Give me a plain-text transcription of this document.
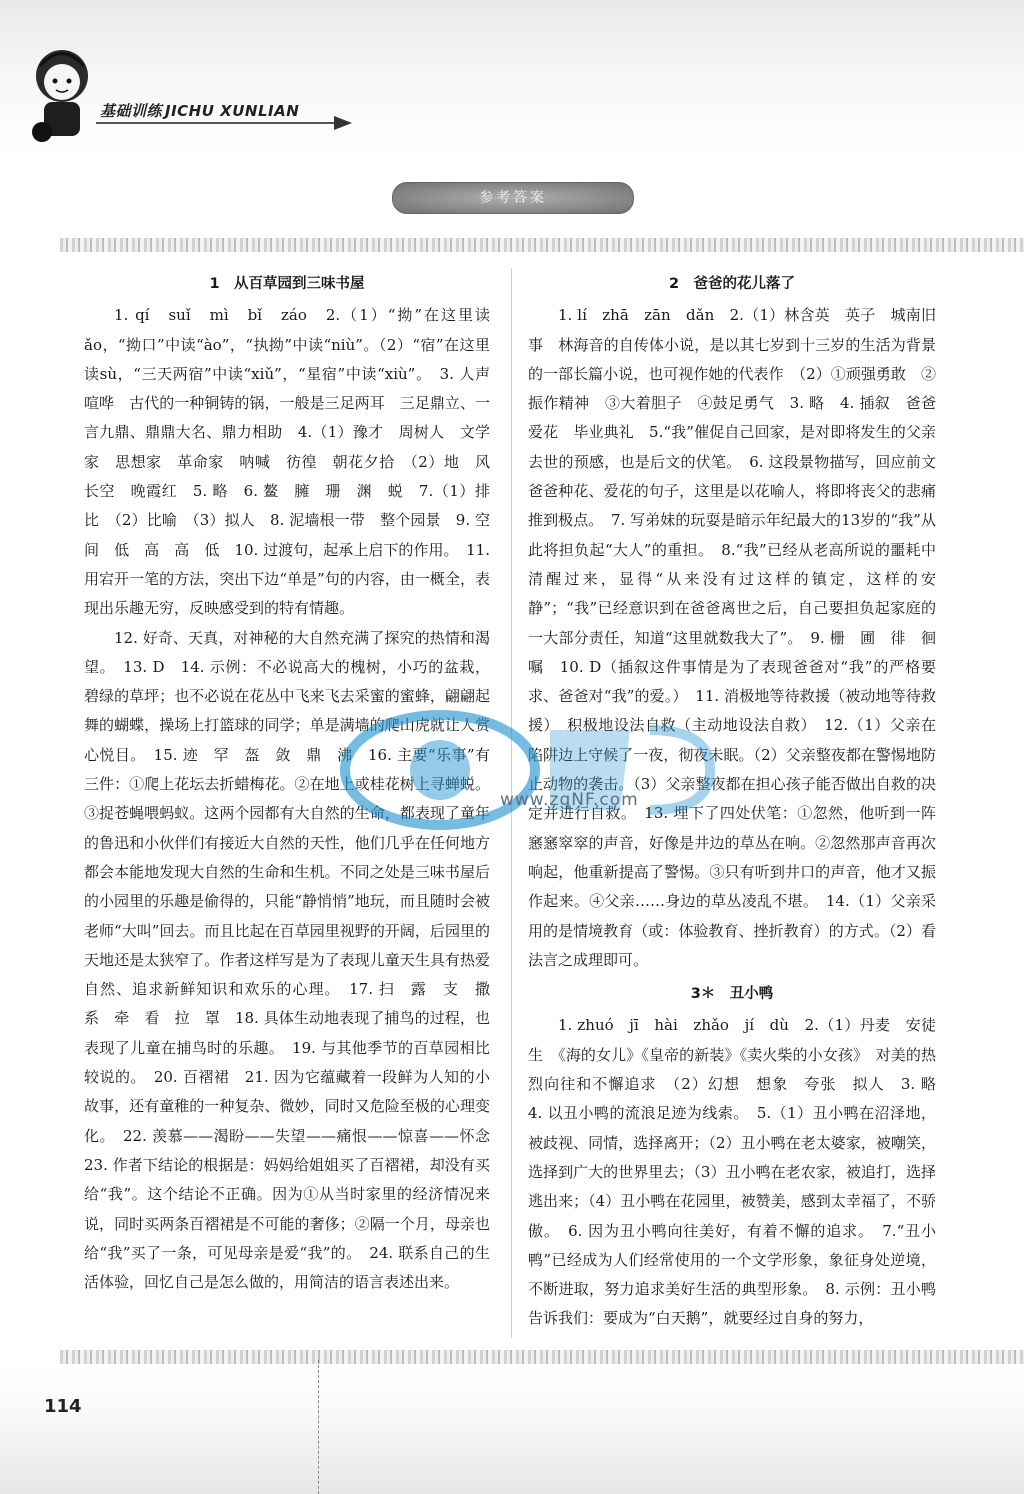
基础训练 JICHU XUNLIAN
参考答案
1　从百草园到三味书屋

1. qí　suǐ　mì　bǐ　záo　2.（1）“拗”在这里读ǎo，“拗口”中读“ào”，“执拗”中读“niù”。（2）“宿”在这里读sù，“三天两宿”中读“xiǔ”，“星宿”中读“xiù”。　3. 人声喧哗　古代的一种铜铸的锅，一般是三足两耳　三足鼎立、一言九鼎、鼎鼎大名、鼎力相助　4.（1）豫才　周树人　文学家　思想家　革命家　呐喊　彷徨　朝花夕拾　（2）地　风　长空　晚霞红　5. 略　6. 鳌　臃　珊　渊　蜕　7.（1）排比　（2）比喻　（3）拟人　8. 泥墙根一带　整个园景　9. 空间　低　高　高　低　10. 过渡句，起承上启下的作用。　11. 用宕开一笔的方法，突出下边“单是”句的内容，由一概全，表现出乐趣无穷，反映感受到的特有情趣。

12. 好奇、天真，对神秘的大自然充满了探究的热情和渴望。　13. D　14. 示例：不必说高大的槐树，小巧的盆栽，碧绿的草坪；也不必说在花丛中飞来飞去采蜜的蜜蜂，翩翩起舞的蝴蝶，操场上打篮球的同学；单是满墙的爬山虎就让人赏心悦目。　15. 迹　罕　盔　敛　鼎　沸　16. 主要“乐事”有三件：①爬上花坛去折蜡梅花。②在地上或桂花树上寻蝉蜕。③捉苍蝇喂蚂蚁。这两个园都有大自然的生命，都表现了童年的鲁迅和小伙伴们有接近大自然的天性，他们几乎在任何地方都会本能地发现大自然的生命和生机。不同之处是三味书屋后的小园里的乐趣是偷得的，只能“静悄悄”地玩，而且随时会被老师“大叫”回去。而且比起在百草园里视野的开阔，后园里的天地还是太狭窄了。作者这样写是为了表现儿童天生具有热爱自然、追求新鲜知识和欢乐的心理。　17. 扫　露　支　撒　系　牵　看　拉　罩　18. 具体生动地表现了捕鸟的过程，也表现了儿童在捕鸟时的乐趣。　19. 与其他季节的百草园相比较说的。　20. 百褶裙　21. 因为它蕴藏着一段鲜为人知的小故事，还有童稚的一种复杂、微妙，同时又危险至极的心理变化。　22. 羡慕——渴盼——失望——痛恨——惊喜——怀念　23. 作者下结论的根据是：妈妈给姐姐买了百褶裙，却没有买给“我”。这个结论不正确。因为①从当时家里的经济情况来说，同时买两条百褶裙是不可能的奢侈；②隔一个月，母亲也给“我”买了一条，可见母亲是爱“我”的。　24. 联系自己的生活体验，回忆自己是怎么做的，用简洁的语言表述出来。

2　爸爸的花儿落了

1. lí　zhā　zān　dǎn　2.（1）林含英　英子　城南旧事　林海音的自传体小说，是以其七岁到十三岁的生活为背景的一部长篇小说，也可视作她的代表作　（2）①顽强勇敢　②振作精神　③大着胆子　④鼓足勇气　3. 略　4. 插叙　爸爸爱花　毕业典礼　5.“我”催促自己回家，是对即将发生的父亲去世的预感，也是后文的伏笔。　6. 这段景物描写，回应前文爸爸种花、爱花的句子，这里是以花喻人，将即将丧父的悲痛推到极点。　7. 写弟妹的玩耍是暗示年纪最大的13岁的“我”从此将担负起“大人”的重担。　8.“我”已经从老高所说的噩耗中清醒过来，显得“从来没有过这样的镇定，这样的安静”；“我”已经意识到在爸爸离世之后，自己要担负起家庭的一大部分责任，知道“这里就数我大了”。　9. 栅　圃　徘　徊　嘱　10. D（插叙这件事情是为了表现爸爸对“我”的严格要求、爸爸对“我”的爱。）　11. 消极地等待救援（被动地等待救援）　积极地设法自救（主动地设法自救）　12.（1）父亲在陷阱边上守候了一夜，彻夜未眠。（2）父亲整夜都在警惕地防止动物的袭击。（3）父亲整夜都在担心孩子能否做出自救的决定并进行自救。　13. 埋下了四处伏笔：①忽然，他听到一阵窸窸窣窣的声音，好像是井边的草丛在响。②忽然那声音再次响起，他重新提高了警惕。③只有听到井口的声音，他才又振作起来。④父亲……身边的草丛凌乱不堪。　14.（1）父亲采用的是情境教育（或：体验教育、挫折教育）的方式。（2）看法言之成理即可。

3＊　丑小鸭

1. zhuó　jī　hài　zhǎo　jí　dù　2.（1）丹麦　安徒生　《海的女儿》《皇帝的新装》《卖火柴的小女孩》　对美的热烈向往和不懈追求　（2）幻想　想象　夸张　拟人　3. 略　4. 以丑小鸭的流浪足迹为线索。　5.（1）丑小鸭在沼泽地，被歧视、同情，选择离开；（2）丑小鸭在老太婆家，被嘲笑，选择到广大的世界里去；（3）丑小鸭在老农家，被追打，选择逃出来；（4）丑小鸭在花园里，被赞美，感到太幸福了，不骄傲。　6. 因为丑小鸭向往美好，有着不懈的追求。　7.“丑小鸭”已经成为人们经常使用的一个文学形象，象征身处逆境，不断进取，努力追求美好生活的典型形象。　8. 示例：丑小鸭告诉我们：要成为“白天鹅”，就要经过自身的努力，

www.zqNF.com
114
